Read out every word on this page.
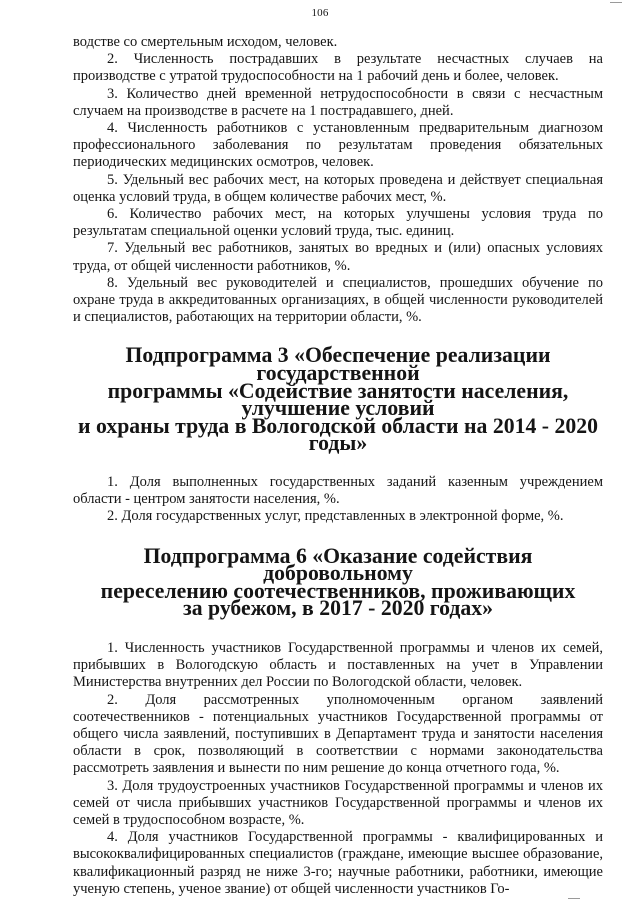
106

водстве со смертельным исходом, человек.

2. Численность пострадавших в результате несчастных случаев на производстве с утратой трудоспособности на 1 рабочий день и более, человек.

3. Количество дней временной нетрудоспособности в связи с несчастным случаем на производстве в расчете на 1 пострадавшего, дней.

4. Численность работников с установленным предварительным диагнозом профессионального заболевания по результатам проведения обязательных периодических медицинских осмотров, человек.

5. Удельный вес рабочих мест, на которых проведена и действует специальная оценка условий труда, в общем количестве рабочих мест, %.

6. Количество рабочих мест, на которых улучшены условия труда по результатам специальной оценки условий труда, тыс. единиц.

7. Удельный вес работников, занятых во вредных и (или) опасных условиях труда, от общей численности работников, %.

8. Удельный вес руководителей и специалистов, прошедших обучение по охране труда в аккредитованных организациях, в общей численности руководителей и специалистов, работающих на территории области, %.

Подпрограмма 3 «Обеспечение реализации государственной
программы «Содействие занятости населения, улучшение условий
и охраны труда в Вологодской области на 2014 - 2020 годы»

1. Доля выполненных государственных заданий казенным учреждением области - центром занятости населения, %.

2. Доля государственных услуг, представленных в электронной форме, %.

Подпрограмма 6 «Оказание содействия добровольному
переселению соотечественников, проживающих
за рубежом, в 2017 - 2020 годах»

1. Численность участников Государственной программы и членов их семей, прибывших в Вологодскую область и поставленных на учет в Управлении Министерства внутренних дел России по Вологодской области, человек.

2. Доля рассмотренных уполномоченным органом заявлений соотечественников - потенциальных участников Государственной программы от общего числа заявлений, поступивших в Департамент труда и занятости населения области в срок, позволяющий в соответствии с нормами законодательства рассмотреть заявления и вынести по ним решение до конца отчетного года, %.

3. Доля трудоустроенных участников Государственной программы и членов их семей от числа прибывших участников Государственной программы и членов их семей в трудоспособном возрасте, %.

4. Доля участников Государственной программы - квалифицированных и высококвалифицированных специалистов (граждане, имеющие высшее образование, квалификационный разряд не ниже 3-го; научные работники, работники, имеющие ученую степень, ученое звание) от общей численности участников Го-
